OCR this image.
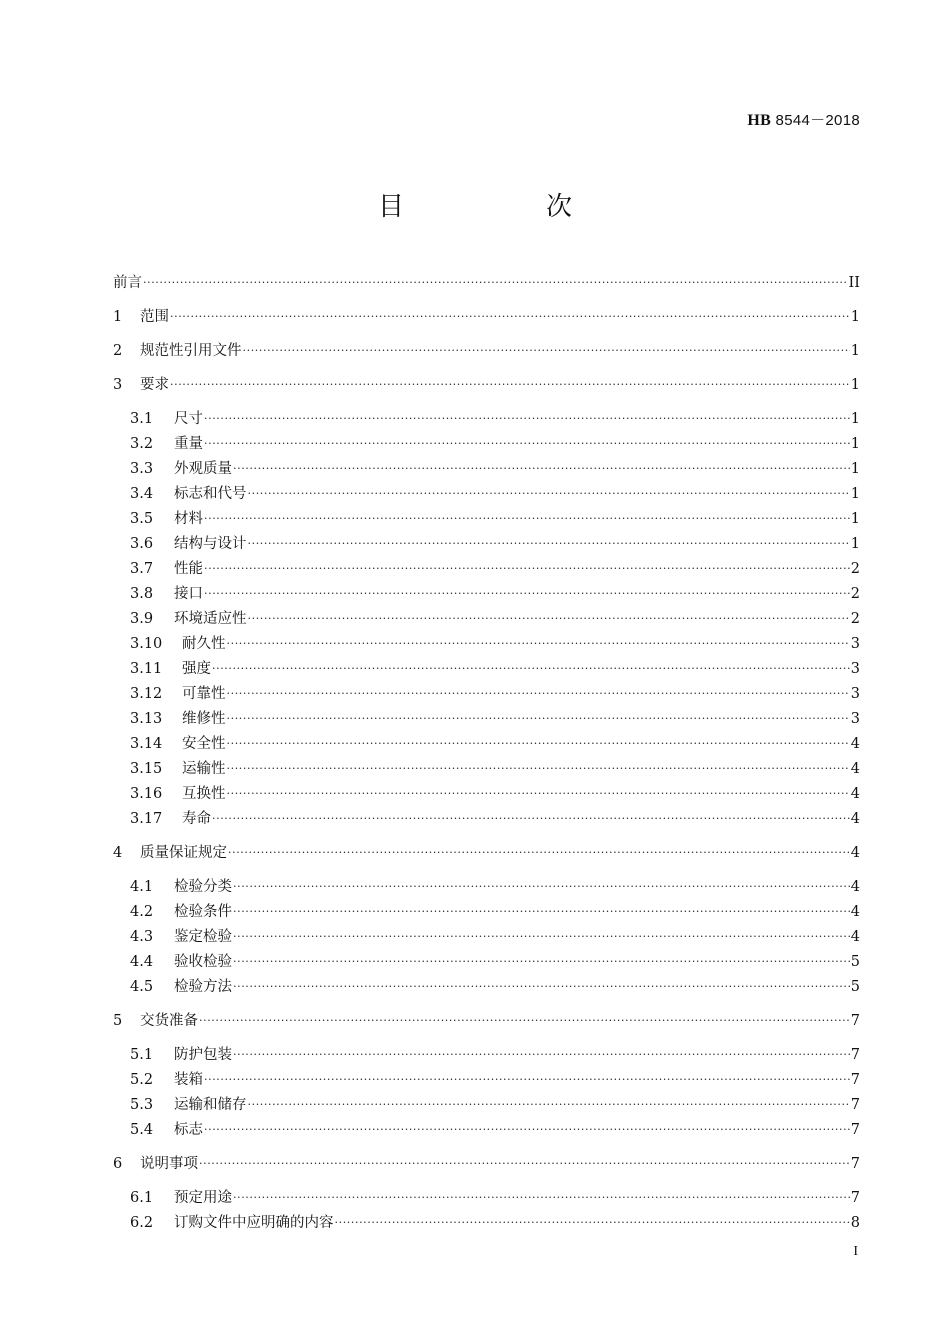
HB 8544－2018
目　次
前言 ·····	II
1	范围 ·····	1
2	规范性引用文件 ·····	1
3	要求 ·····	1
3.1	尺寸 ·····	1
3.2	重量 ·····	1
3.3	外观质量 ·····	1
3.4	标志和代号 ·····	1
3.5	材料 ·····	1
3.6	结构与设计 ·····	1
3.7	性能 ·····	2
3.8	接口 ·····	2
3.9	环境适应性 ·····	2
3.10	耐久性 ·····	3
3.11	强度 ·····	3
3.12	可靠性 ·····	3
3.13	维修性 ·····	3
3.14	安全性 ·····	4
3.15	运输性 ·····	4
3.16	互换性 ·····	4
3.17	寿命 ·····	4
4	质量保证规定 ·····	4
4.1	检验分类 ·····	4
4.2	检验条件 ·····	4
4.3	鉴定检验 ·····	4
4.4	验收检验 ·····	5
4.5	检验方法 ·····	5
5	交货准备 ·····	7
5.1	防护包装 ·····	7
5.2	装箱 ·····	7
5.3	运输和储存 ·····	7
5.4	标志 ·····	7
6	说明事项 ·····	7
6.1	预定用途 ·····	7
6.2	订购文件中应明确的内容 ·····	8
I
